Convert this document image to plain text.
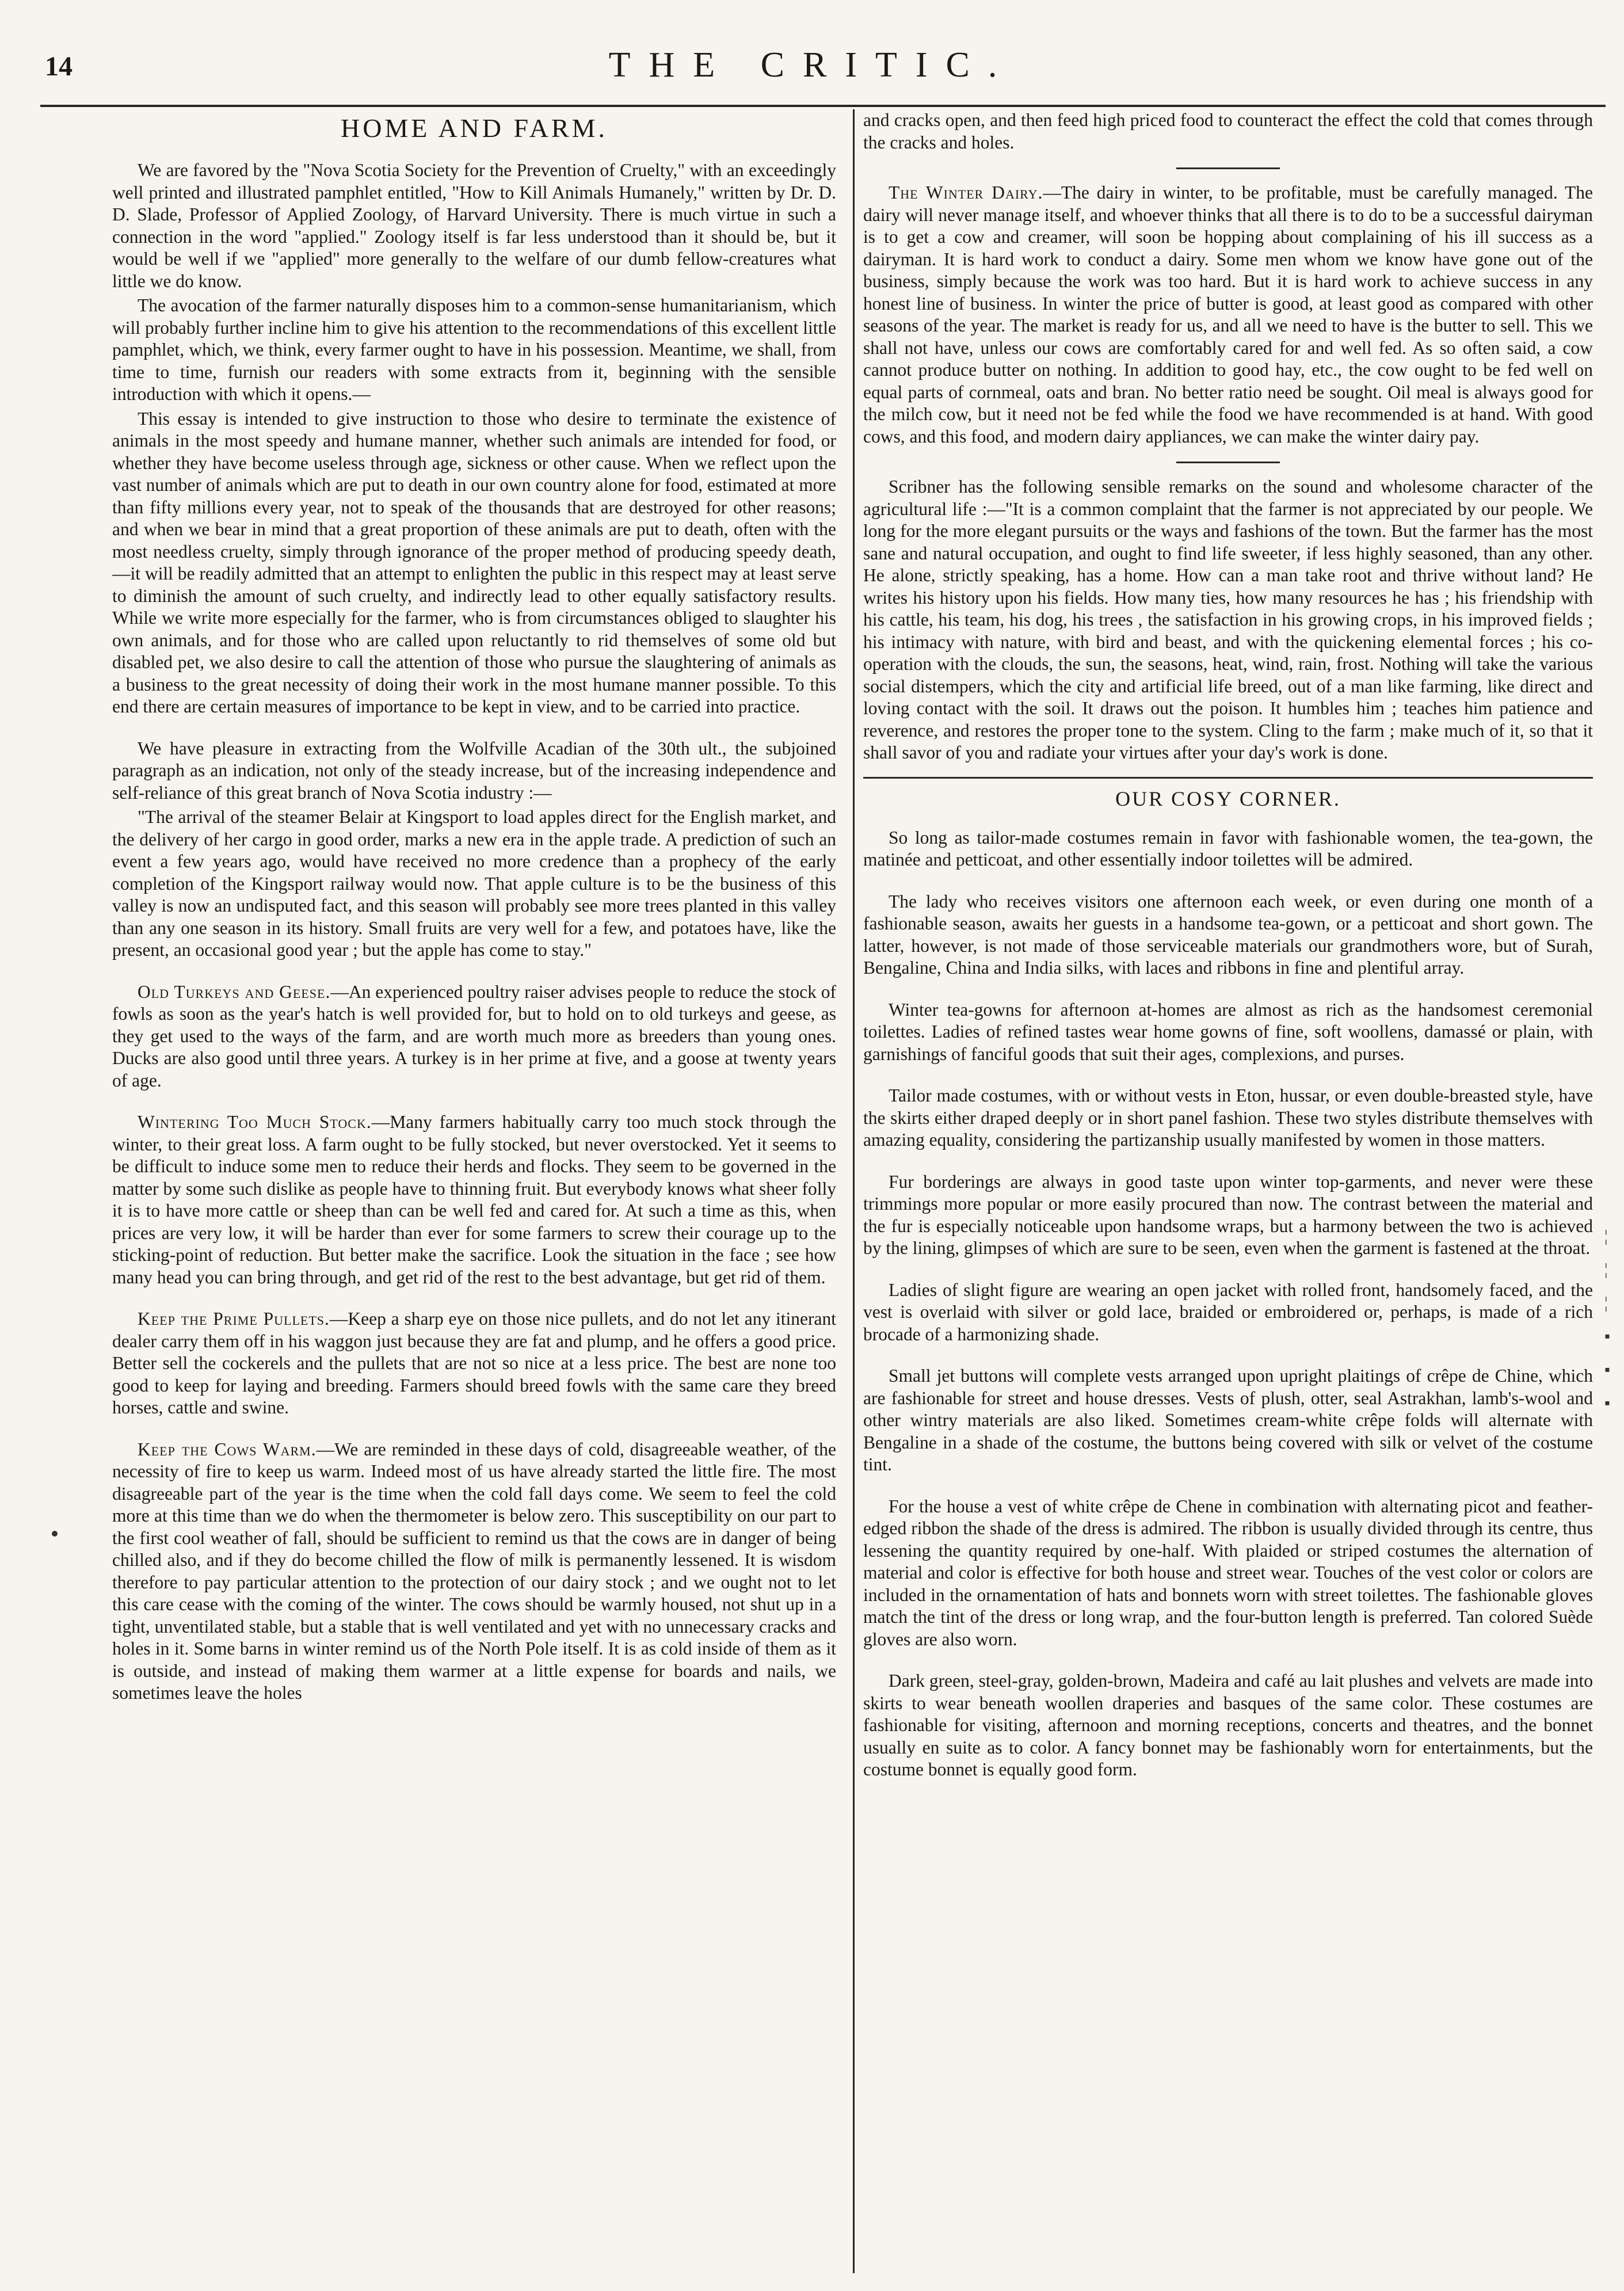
THE CRITIC.
14
HOME AND FARM.

We are favored by the "Nova Scotia Society for the Prevention of Cruelty," with an exceedingly well printed and illustrated pamphlet entitled, "How to Kill Animals Humanely," written by Dr. D. D. Slade, Professor of Applied Zoology, of Harvard University. There is much virtue in such a connection in the word "applied." Zoology itself is far less understood than it should be, but it would be well if we "applied" more generally to the welfare of our dumb fellow-creatures what little we do know.

The avocation of the farmer naturally disposes him to a common-sense humanitarianism, which will probably further incline him to give his attention to the recommendations of this excellent little pamphlet, which, we think, every farmer ought to have in his possession. Meantime, we shall, from time to time, furnish our readers with some extracts from it, beginning with the sensible introduction with which it opens.—

This essay is intended to give instruction to those who desire to terminate the existence of animals in the most speedy and humane manner, whether such animals are intended for food, or whether they have become useless through age, sickness or other cause. When we reflect upon the vast number of animals which are put to death in our own country alone for food, estimated at more than fifty millions every year, not to speak of the thousands that are destroyed for other reasons; and when we bear in mind that a great proportion of these animals are put to death, often with the most needless cruelty, simply through ignorance of the proper method of producing speedy death,—it will be readily admitted that an attempt to enlighten the public in this respect may at least serve to diminish the amount of such cruelty, and indirectly lead to other equally satisfactory results. While we write more especially for the farmer, who is from circumstances obliged to slaughter his own animals, and for those who are called upon reluctantly to rid themselves of some old but disabled pet, we also desire to call the attention of those who pursue the slaughtering of animals as a business to the great necessity of doing their work in the most humane manner possible. To this end there are certain measures of importance to be kept in view, and to be carried into practice.

We have pleasure in extracting from the Wolfville Acadian of the 30th ult., the subjoined paragraph as an indication, not only of the steady increase, but of the increasing independence and self-reliance of this great branch of Nova Scotia industry :—

"The arrival of the steamer Belair at Kingsport to load apples direct for the English market, and the delivery of her cargo in good order, marks a new era in the apple trade. A prediction of such an event a few years ago, would have received no more credence than a prophecy of the early completion of the Kingsport railway would now. That apple culture is to be the business of this valley is now an undisputed fact, and this season will probably see more trees planted in this valley than any one season in its history. Small fruits are very well for a few, and potatoes have, like the present, an occasional good year ; but the apple has come to stay."

Old Turkeys and Geese.—An experienced poultry raiser advises people to reduce the stock of fowls as soon as the year's hatch is well provided for, but to hold on to old turkeys and geese, as they get used to the ways of the farm, and are worth much more as breeders than young ones. Ducks are also good until three years. A turkey is in her prime at five, and a goose at twenty years of age.

Wintering Too Much Stock.—Many farmers habitually carry too much stock through the winter, to their great loss. A farm ought to be fully stocked, but never overstocked. Yet it seems to be difficult to induce some men to reduce their herds and flocks. They seem to be governed in the matter by some such dislike as people have to thinning fruit. But everybody knows what sheer folly it is to have more cattle or sheep than can be well fed and cared for. At such a time as this, when prices are very low, it will be harder than ever for some farmers to screw their courage up to the sticking-point of reduction. But better make the sacrifice. Look the situation in the face ; see how many head you can bring through, and get rid of the rest to the best advantage, but get rid of them.

Keep the Prime Pullets.—Keep a sharp eye on those nice pullets, and do not let any itinerant dealer carry them off in his waggon just because they are fat and plump, and he offers a good price. Better sell the cockerels and the pullets that are not so nice at a less price. The best are none too good to keep for laying and breeding. Farmers should breed fowls with the same care they breed horses, cattle and swine.

Keep the Cows Warm.—We are reminded in these days of cold, disagreeable weather, of the necessity of fire to keep us warm. Indeed most of us have already started the little fire. The most disagreeable part of the year is the time when the cold fall days come. We seem to feel the cold more at this time than we do when the thermometer is below zero. This susceptibility on our part to the first cool weather of fall, should be sufficient to remind us that the cows are in danger of being chilled also, and if they do become chilled the flow of milk is permanently lessened. It is wisdom therefore to pay particular attention to the protection of our dairy stock ; and we ought not to let this care cease with the coming of the winter. The cows should be warmly housed, not shut up in a tight, unventilated stable, but a stable that is well ventilated and yet with no unnecessary cracks and holes in it. Some barns in winter remind us of the North Pole itself. It is as cold inside of them as it is outside, and instead of making them warmer at a little expense for boards and nails, we sometimes leave the holes

and cracks open, and then feed high priced food to counteract the effect the cold that comes through the cracks and holes.

The Winter Dairy.—The dairy in winter, to be profitable, must be carefully managed. The dairy will never manage itself, and whoever thinks that all there is to do to be a successful dairyman is to get a cow and creamer, will soon be hopping about complaining of his ill success as a dairyman. It is hard work to conduct a dairy. Some men whom we know have gone out of the business, simply because the work was too hard. But it is hard work to achieve success in any honest line of business. In winter the price of butter is good, at least good as compared with other seasons of the year. The market is ready for us, and all we need to have is the butter to sell. This we shall not have, unless our cows are comfortably cared for and well fed. As so often said, a cow cannot produce butter on nothing. In addition to good hay, etc., the cow ought to be fed well on equal parts of cornmeal, oats and bran. No better ratio need be sought. Oil meal is always good for the milch cow, but it need not be fed while the food we have recommended is at hand. With good cows, and this food, and modern dairy appliances, we can make the winter dairy pay.

Scribner has the following sensible remarks on the sound and wholesome character of the agricultural life :—"It is a common complaint that the farmer is not appreciated by our people. We long for the more elegant pursuits or the ways and fashions of the town. But the farmer has the most sane and natural occupation, and ought to find life sweeter, if less highly seasoned, than any other. He alone, strictly speaking, has a home. How can a man take root and thrive without land? He writes his history upon his fields. How many ties, how many resources he has ; his friendship with his cattle, his team, his dog, his trees , the satisfaction in his growing crops, in his improved fields ; his intimacy with nature, with bird and beast, and with the quickening elemental forces ; his co-operation with the clouds, the sun, the seasons, heat, wind, rain, frost. Nothing will take the various social distempers, which the city and artificial life breed, out of a man like farming, like direct and loving contact with the soil. It draws out the poison. It humbles him ; teaches him patience and reverence, and restores the proper tone to the system. Cling to the farm ; make much of it, so that it shall savor of you and radiate your virtues after your day's work is done.

OUR COSY CORNER.

So long as tailor-made costumes remain in favor with fashionable women, the tea-gown, the matinée and petticoat, and other essentially indoor toilettes will be admired.

The lady who receives visitors one afternoon each week, or even during one month of a fashionable season, awaits her guests in a handsome tea-gown, or a petticoat and short gown. The latter, however, is not made of those serviceable materials our grandmothers wore, but of Surah, Bengaline, China and India silks, with laces and ribbons in fine and plentiful array.

Winter tea-gowns for afternoon at-homes are almost as rich as the handsomest ceremonial toilettes. Ladies of refined tastes wear home gowns of fine, soft woollens, damassé or plain, with garnishings of fanciful goods that suit their ages, complexions, and purses.

Tailor made costumes, with or without vests in Eton, hussar, or even double-breasted style, have the skirts either draped deeply or in short panel fashion. These two styles distribute themselves with amazing equality, considering the partizanship usually manifested by women in those matters.

Fur borderings are always in good taste upon winter top-garments, and never were these trimmings more popular or more easily procured than now. The contrast between the material and the fur is especially noticeable upon handsome wraps, but a harmony between the two is achieved by the lining, glimpses of which are sure to be seen, even when the garment is fastened at the throat.

Ladies of slight figure are wearing an open jacket with rolled front, handsomely faced, and the vest is overlaid with silver or gold lace, braided or embroidered or, perhaps, is made of a rich brocade of a harmonizing shade.

Small jet buttons will complete vests arranged upon upright plaitings of crêpe de Chine, which are fashionable for street and house dresses. Vests of plush, otter, seal Astrakhan, lamb's-wool and other wintry materials are also liked. Sometimes cream-white crêpe folds will alternate with Bengaline in a shade of the costume, the buttons being covered with silk or velvet of the costume tint.

For the house a vest of white crêpe de Chene in combination with alternating picot and feather-edged ribbon the shade of the dress is admired. The ribbon is usually divided through its centre, thus lessening the quantity required by one-half. With plaided or striped costumes the alternation of material and color is effective for both house and street wear. Touches of the vest color or colors are included in the ornamentation of hats and bonnets worn with street toilettes. The fashionable gloves match the tint of the dress or long wrap, and the four-button length is preferred. Tan colored Suède gloves are also worn.

Dark green, steel-gray, golden-brown, Madeira and café au lait plushes and velvets are made into skirts to wear beneath woollen draperies and basques of the same color. These costumes are fashionable for visiting, afternoon and morning receptions, concerts and theatres, and the bonnet usually en suite as to color. A fancy bonnet may be fashionably worn for entertainments, but the costume bonnet is equally good form.

¦
¦
¦
▪
▪
▪
